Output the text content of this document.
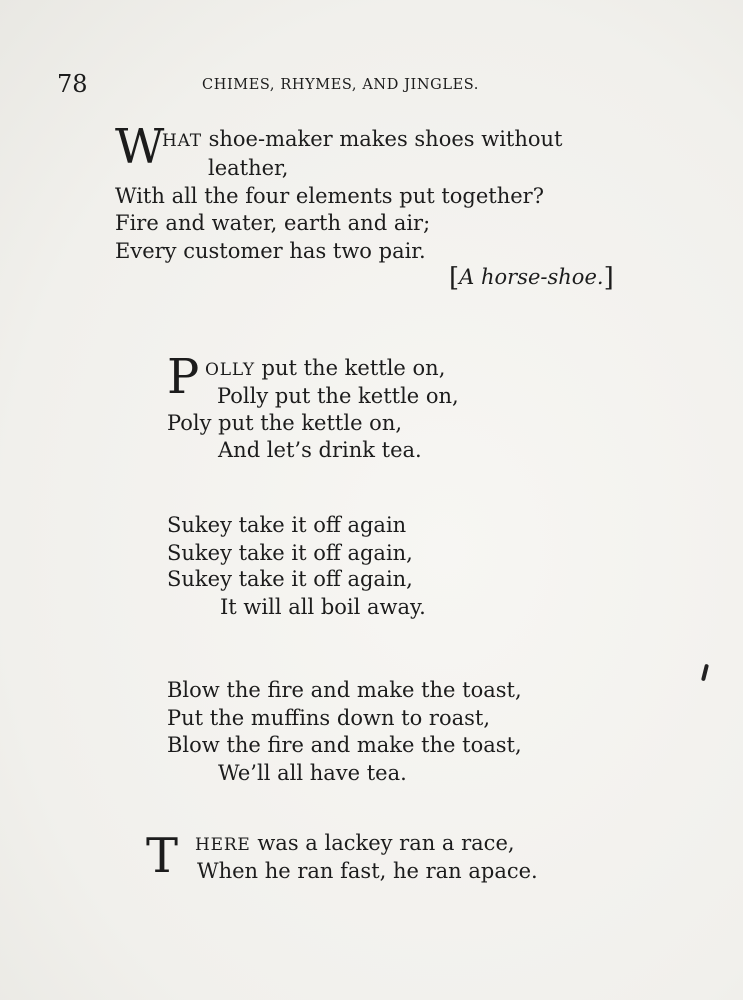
78	CHIMES, RHYMES, AND JINGLES.
W
HAT shoe-maker makes shoes without
leather,
With all the four elements put together?
Fire and water, earth and air;
Every customer has two pair.
[A horse-shoe.]
P OLLY put the kettle on,
Polly put the kettle on,
Poly put the kettle on,
And let’s drink tea.
Sukey take it off again
Sukey take it off again,
Sukey take it off again,
It will all boil away.
Blow the fire and make the toast,
Put the muffins down to roast,
Blow the fire and make the toast,
We’ll all have tea.
T HERE was a lackey ran a race,
When he ran fast, he ran apace.
